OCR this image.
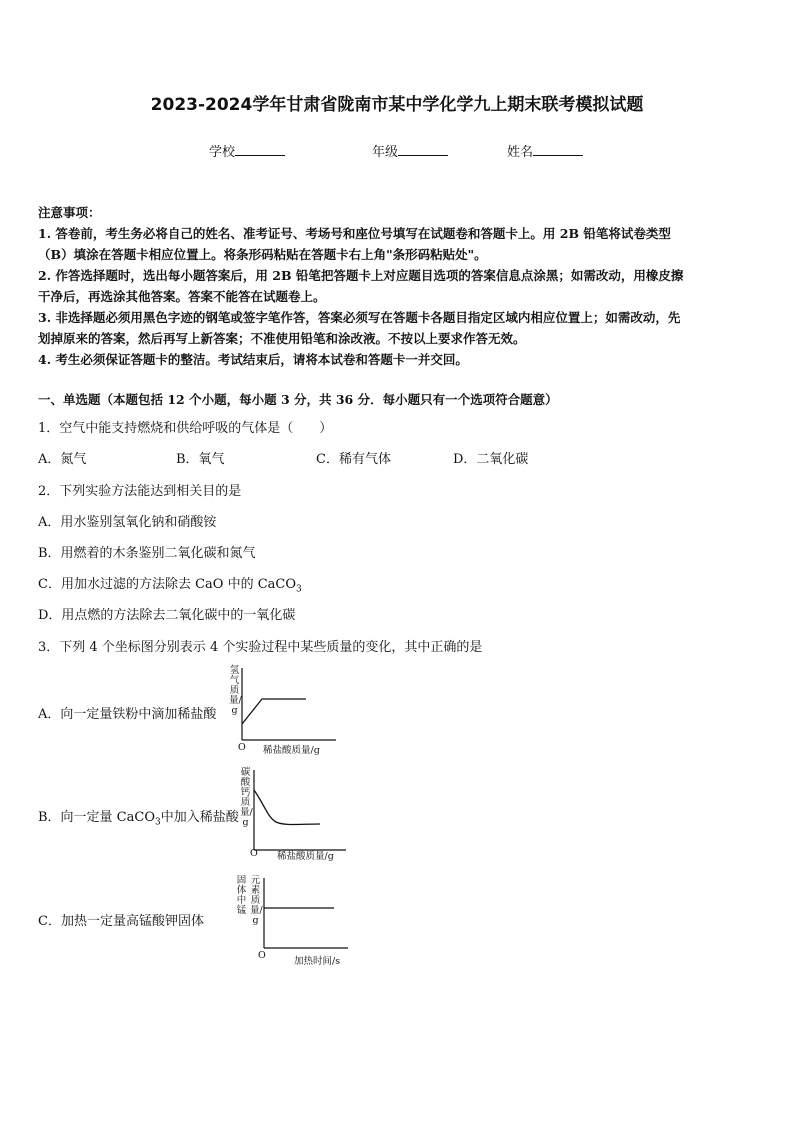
2023-2024学年甘肃省陇南市某中学化学九上期末联考模拟试题
学校	年级	姓名
注意事项：
1. 答卷前，考生务必将自己的姓名、准考证号、考场号和座位号填写在试题卷和答题卡上。用 2B 铅笔将试卷类型
（B）填涂在答题卡相应位置上。将条形码粘贴在答题卡右上角"条形码粘贴处"。
2. 作答选择题时，选出每小题答案后，用 2B 铅笔把答题卡上对应题目选项的答案信息点涂黑；如需改动，用橡皮擦
干净后，再选涂其他答案。答案不能答在试题卷上。
3. 非选择题必须用黑色字迹的钢笔或签字笔作答，答案必须写在答题卡各题目指定区域内相应位置上；如需改动，先
划掉原来的答案，然后再写上新答案；不准使用铅笔和涂改液。不按以上要求作答无效。
4. 考生必须保证答题卡的整洁。考试结束后，请将本试卷和答题卡一并交回。
一、单选题（本题包括 12 个小题，每小题 3 分，共 36 分．每小题只有一个选项符合题意）
1．空气中能支持燃烧和供给呼吸的气体是（　　）
A．氮气	B．氧气	C．稀有气体	D．二氧化碳
2．下列实验方法能达到相关目的是
A．用水鉴别氢氧化钠和硝酸铵
B．用燃着的木条鉴别二氧化碳和氮气
C．用加水过滤的方法除去 CaO 中的 CaCO$_3$
D．用点燃的方法除去二氧化碳中的一氧化碳
3．下列 4 个坐标图分别表示 4 个实验过程中某些质量的变化，其中正确的是
A．向一定量铁粉中滴加稀盐酸
氢气质量/g
O 稀盐酸质量/g
B．向一定量 CaCO$_3$中加入稀盐酸
碳酸钙质量/g
O 稀盐酸质量/g
C．加热一定量高锰酸钾固体
固体中锰
元素质量/g
O
加热时间/s
